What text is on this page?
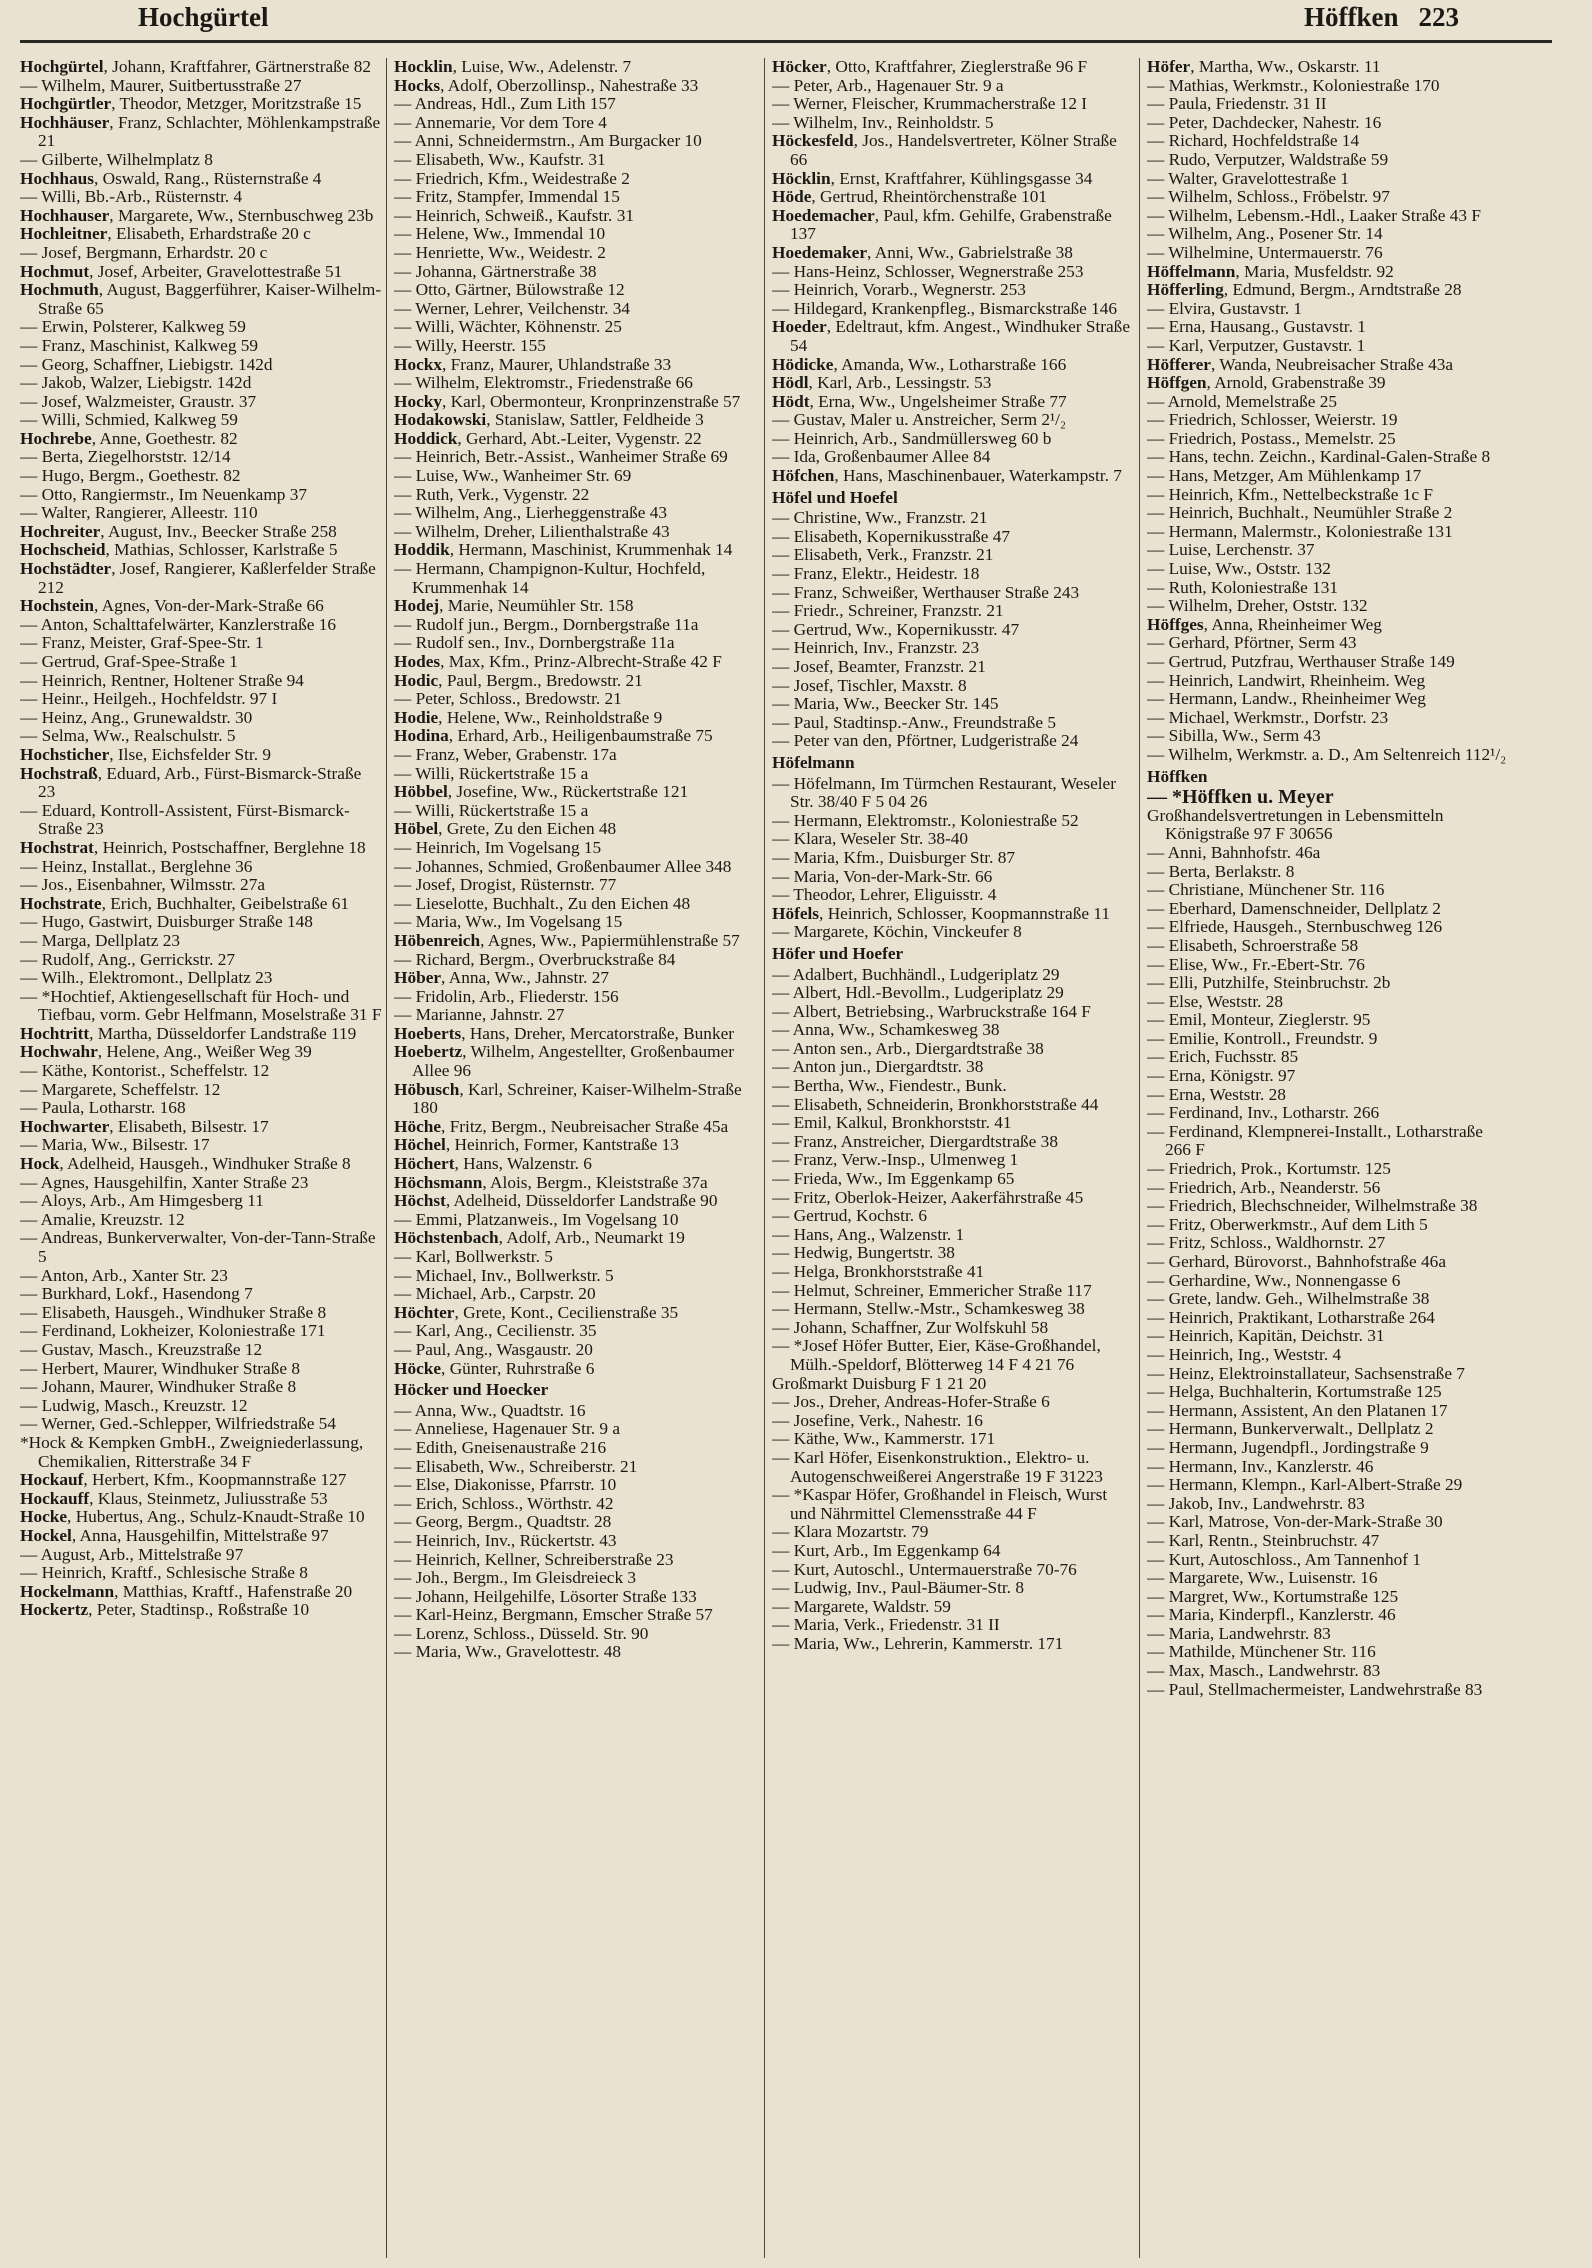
Hochgürtel	Höffken 223

Hochgürtel, Johann, Kraftfahrer, Gärtnerstraße 82

— Wilhelm, Maurer, Suitbertusstraße 27

Hochgürtler, Theodor, Metzger, Moritzstraße 15

Hochhäuser, Franz, Schlachter, Möhlenkampstraße 21

— Gilberte, Wilhelmplatz 8

Hochhaus, Oswald, Rang., Rüsternstraße 4

— Willi, Bb.-Arb., Rüsternstr. 4

Hochhauser, Margarete, Ww., Sternbuschweg 23b

Hochleitner, Elisabeth, Erhardstraße 20 c

— Josef, Bergmann, Erhardstr. 20 c

Hochmut, Josef, Arbeiter, Gravelottestraße 51

Hochmuth, August, Baggerführer, Kaiser-Wilhelm-Straße 65

— Erwin, Polsterer, Kalkweg 59

— Franz, Maschinist, Kalkweg 59

— Georg, Schaffner, Liebigstr. 142d

— Jakob, Walzer, Liebigstr. 142d

— Josef, Walzmeister, Graustr. 37

— Willi, Schmied, Kalkweg 59

Hochrebe, Anne, Goethestr. 82

— Berta, Ziegelhorststr. 12/14

— Hugo, Bergm., Goethestr. 82

— Otto, Rangiermstr., Im Neuenkamp 37

— Walter, Rangierer, Alleestr. 110

Hochreiter, August, Inv., Beecker Straße 258

Hochscheid, Mathias, Schlosser, Karlstraße 5

Hochstädter, Josef, Rangierer, Kaßlerfelder Straße 212

Hochstein, Agnes, Von-der-Mark-Straße 66

— Anton, Schalttafelwärter, Kanzlerstraße 16

— Franz, Meister, Graf-Spee-Str. 1

— Gertrud, Graf-Spee-Straße 1

— Heinrich, Rentner, Holtener Straße 94

— Heinr., Heilgeh., Hochfeldstr. 97 I

— Heinz, Ang., Grunewaldstr. 30

— Selma, Ww., Realschulstr. 5

Hochsticher, Ilse, Eichsfelder Str. 9

Hochstraß, Eduard, Arb., Fürst-Bismarck-Straße 23

— Eduard, Kontroll-Assistent, Fürst-Bismarck-Straße 23

Hochstrat, Heinrich, Postschaffner, Berglehne 18

— Heinz, Installat., Berglehne 36

— Jos., Eisenbahner, Wilmsstr. 27a

Hochstrate, Erich, Buchhalter, Geibelstraße 61

— Hugo, Gastwirt, Duisburger Straße 148

— Marga, Dellplatz 23

— Rudolf, Ang., Gerrickstr. 27

— Wilh., Elektromont., Dellplatz 23

— *Hochtief, Aktiengesellschaft für Hoch- und Tiefbau, vorm. Gebr Helfmann, Moselstraße 31 F

Hochtritt, Martha, Düsseldorfer Landstraße 119

Hochwahr, Helene, Ang., Weißer Weg 39

— Käthe, Kontorist., Scheffelstr. 12

— Margarete, Scheffelstr. 12

— Paula, Lotharstr. 168

Hochwarter, Elisabeth, Bilsestr. 17

— Maria, Ww., Bilsestr. 17

Hock, Adelheid, Hausgeh., Windhuker Straße 8

— Agnes, Hausgehilfin, Xanter Straße 23

— Aloys, Arb., Am Himgesberg 11

— Amalie, Kreuzstr. 12

— Andreas, Bunkerverwalter, Von-der-Tann-Straße 5

— Anton, Arb., Xanter Str. 23

— Burkhard, Lokf., Hasendong 7

— Elisabeth, Hausgeh., Windhuker Straße 8

— Ferdinand, Lokheizer, Koloniestraße 171

— Gustav, Masch., Kreuzstraße 12

— Herbert, Maurer, Windhuker Straße 8

— Johann, Maurer, Windhuker Straße 8

— Ludwig, Masch., Kreuzstr. 12

— Werner, Ged.-Schlepper, Wilfriedstraße 54

*Hock & Kempken GmbH., Zweigniederlassung, Chemikalien, Ritterstraße 34 F

Hockauf, Herbert, Kfm., Koopmannstraße 127

Hockauff, Klaus, Steinmetz, Juliusstraße 53

Hocke, Hubertus, Ang., Schulz-Knaudt-Straße 10

Hockel, Anna, Hausgehilfin, Mittelstraße 97

— August, Arb., Mittelstraße 97

— Heinrich, Kraftf., Schlesische Straße 8

Hockelmann, Matthias, Kraftf., Hafenstraße 20

Hockertz, Peter, Stadtinsp., Roßstraße 10

Hocklin, Luise, Ww., Adelenstr. 7

Hocks, Adolf, Oberzollinsp., Nahestraße 33

— Andreas, Hdl., Zum Lith 157

— Annemarie, Vor dem Tore 4

— Anni, Schneidermstrn., Am Burgacker 10

— Elisabeth, Ww., Kaufstr. 31

— Friedrich, Kfm., Weidestraße 2

— Fritz, Stampfer, Immendal 15

— Heinrich, Schweiß., Kaufstr. 31

— Helene, Ww., Immendal 10

— Henriette, Ww., Weidestr. 2

— Johanna, Gärtnerstraße 38

— Otto, Gärtner, Bülowstraße 12

— Werner, Lehrer, Veilchenstr. 34

— Willi, Wächter, Köhnenstr. 25

— Willy, Heerstr. 155

Hockx, Franz, Maurer, Uhlandstraße 33

— Wilhelm, Elektromstr., Friedenstraße 66

Hocky, Karl, Obermonteur, Kronprinzenstraße 57

Hodakowski, Stanislaw, Sattler, Feldheide 3

Hoddick, Gerhard, Abt.-Leiter, Vygenstr. 22

— Heinrich, Betr.-Assist., Wanheimer Straße 69

— Luise, Ww., Wanheimer Str. 69

— Ruth, Verk., Vygenstr. 22

— Wilhelm, Ang., Lierheggenstraße 43

— Wilhelm, Dreher, Lilienthalstraße 43

Hoddik, Hermann, Maschinist, Krummenhak 14

— Hermann, Champignon-Kultur, Hochfeld, Krummenhak 14

Hodej, Marie, Neumühler Str. 158

— Rudolf jun., Bergm., Dornbergstraße 11a

— Rudolf sen., Inv., Dornbergstraße 11a

Hodes, Max, Kfm., Prinz-Albrecht-Straße 42 F

Hodic, Paul, Bergm., Bredowstr. 21

— Peter, Schloss., Bredowstr. 21

Hodie, Helene, Ww., Reinholdstraße 9

Hodina, Erhard, Arb., Heiligenbaumstraße 75

— Franz, Weber, Grabenstr. 17a

— Willi, Rückertstraße 15 a

Höbbel, Josefine, Ww., Rückertstraße 121

— Willi, Rückertstraße 15 a

Höbel, Grete, Zu den Eichen 48

— Heinrich, Im Vogelsang 15

— Johannes, Schmied, Großenbaumer Allee 348

— Josef, Drogist, Rüsternstr. 77

— Lieselotte, Buchhalt., Zu den Eichen 48

— Maria, Ww., Im Vogelsang 15

Höbenreich, Agnes, Ww., Papiermühlenstraße 57

— Richard, Bergm., Overbruckstraße 84

Höber, Anna, Ww., Jahnstr. 27

— Fridolin, Arb., Fliederstr. 156

— Marianne, Jahnstr. 27

Hoeberts, Hans, Dreher, Mercatorstraße, Bunker

Hoebertz, Wilhelm, Angestellter, Großenbaumer Allee 96

Höbusch, Karl, Schreiner, Kaiser-Wilhelm-Straße 180

Höche, Fritz, Bergm., Neubreisacher Straße 45a

Höchel, Heinrich, Former, Kantstraße 13

Höchert, Hans, Walzenstr. 6

Höchsmann, Alois, Bergm., Kleiststraße 37a

Höchst, Adelheid, Düsseldorfer Landstraße 90

— Emmi, Platzanweis., Im Vogelsang 10

Höchstenbach, Adolf, Arb., Neumarkt 19

— Karl, Bollwerkstr. 5

— Michael, Inv., Bollwerkstr. 5

— Michael, Arb., Carpstr. 20

Höchter, Grete, Kont., Cecilienstraße 35

— Karl, Ang., Cecilienstr. 35

— Paul, Ang., Wasgaustr. 20

Höcke, Günter, Ruhrstraße 6

Höcker und Hoecker

— Anna, Ww., Quadtstr. 16

— Anneliese, Hagenauer Str. 9 a

— Edith, Gneisenaustraße 216

— Elisabeth, Ww., Schreiberstr. 21

— Else, Diakonisse, Pfarrstr. 10

— Erich, Schloss., Wörthstr. 42

— Georg, Bergm., Quadtstr. 28

— Heinrich, Inv., Rückertstr. 43

— Heinrich, Kellner, Schreiberstraße 23

— Joh., Bergm., Im Gleisdreieck 3

— Johann, Heilgehilfe, Lösorter Straße 133

— Karl-Heinz, Bergmann, Emscher Straße 57

— Lorenz, Schloss., Düsseld. Str. 90

— Maria, Ww., Gravelottestr. 48

Höcker, Otto, Kraftfahrer, Zieglerstraße 96 F

— Peter, Arb., Hagenauer Str. 9 a

— Werner, Fleischer, Krummacherstraße 12 I

— Wilhelm, Inv., Reinholdstr. 5

Höckesfeld, Jos., Handelsvertreter, Kölner Straße 66

Höcklin, Ernst, Kraftfahrer, Kühlingsgasse 34

Höde, Gertrud, Rheintörchenstraße 101

Hoedemacher, Paul, kfm. Gehilfe, Grabenstraße 137

Hoedemaker, Anni, Ww., Gabrielstraße 38

— Hans-Heinz, Schlosser, Wegnerstraße 253

— Heinrich, Vorarb., Wegnerstr. 253

— Hildegard, Krankenpfleg., Bismarckstraße 146

Hoeder, Edeltraut, kfm. Angest., Windhuker Straße 54

Hödicke, Amanda, Ww., Lotharstraße 166

Hödl, Karl, Arb., Lessingstr. 53

Hödt, Erna, Ww., Ungelsheimer Straße 77

— Gustav, Maler u. Anstreicher, Serm 2¹/₂

— Heinrich, Arb., Sandmüllersweg 60 b

— Ida, Großenbaumer Allee 84

Höfchen, Hans, Maschinenbauer, Waterkampstr. 7

Höfel und Hoefel

— Christine, Ww., Franzstr. 21

— Elisabeth, Kopernikusstraße 47

— Elisabeth, Verk., Franzstr. 21

— Franz, Elektr., Heidestr. 18

— Franz, Schweißer, Werthauser Straße 243

— Friedr., Schreiner, Franzstr. 21

— Gertrud, Ww., Kopernikusstr. 47

— Heinrich, Inv., Franzstr. 23

— Josef, Beamter, Franzstr. 21

— Josef, Tischler, Maxstr. 8

— Maria, Ww., Beecker Str. 145

— Paul, Stadtinsp.-Anw., Freundstraße 5

— Peter van den, Pförtner, Ludgeristraße 24

Höfelmann

— Höfelmann, Im Türmchen Restaurant, Weseler Str. 38/40 F 5 04 26

— Hermann, Elektromstr., Koloniestraße 52

— Klara, Weseler Str. 38-40

— Maria, Kfm., Duisburger Str. 87

— Maria, Von-der-Mark-Str. 66

— Theodor, Lehrer, Eliguisstr. 4

Höfels, Heinrich, Schlosser, Koopmannstraße 11

— Margarete, Köchin, Vinckeufer 8

Höfer und Hoefer

— Adalbert, Buchhändl., Ludgeriplatz 29

— Albert, Hdl.-Bevollm., Ludgeriplatz 29

— Albert, Betriebsing., Warbruckstraße 164 F

— Anna, Ww., Schamkesweg 38

— Anton sen., Arb., Diergardtstraße 38

— Anton jun., Diergardtstr. 38

— Bertha, Ww., Fiendestr., Bunk.

— Elisabeth, Schneiderin, Bronkhorststraße 44

— Emil, Kalkul, Bronkhorststr. 41

— Franz, Anstreicher, Diergardtstraße 38

— Franz, Verw.-Insp., Ulmenweg 1

— Frieda, Ww., Im Eggenkamp 65

— Fritz, Oberlok-Heizer, Aakerfährstraße 45

— Gertrud, Kochstr. 6

— Hans, Ang., Walzenstr. 1

— Hedwig, Bungertstr. 38

— Helga, Bronkhorststraße 41

— Helmut, Schreiner, Emmericher Straße 117

— Hermann, Stellw.-Mstr., Schamkesweg 38

— Johann, Schaffner, Zur Wolfskuhl 58

— *Josef Höfer Butter, Eier, Käse-Großhandel, Mülh.-Speldorf, Blötterweg 14 F 4 21 76

Großmarkt Duisburg F 1 21 20

— Jos., Dreher, Andreas-Hofer-Straße 6

— Josefine, Verk., Nahestr. 16

— Käthe, Ww., Kammerstr. 171

— Karl Höfer, Eisenkonstruktion., Elektro- u. Autogenschweißerei Angerstraße 19 F 31223

— *Kaspar Höfer, Großhandel in Fleisch, Wurst und Nährmittel Clemensstraße 44 F

— Klara Mozartstr. 79

— Kurt, Arb., Im Eggenkamp 64

— Kurt, Autoschl., Untermauerstraße 70-76

— Ludwig, Inv., Paul-Bäumer-Str. 8

— Margarete, Waldstr. 59

— Maria, Verk., Friedenstr. 31 II

— Maria, Ww., Lehrerin, Kammerstr. 171

Höfer, Martha, Ww., Oskarstr. 11

— Mathias, Werkmstr., Koloniestraße 170

— Paula, Friedenstr. 31 II

— Peter, Dachdecker, Nahestr. 16

— Richard, Hochfeldstraße 14

— Rudo, Verputzer, Waldstraße 59

— Walter, Gravelottestraße 1

— Wilhelm, Schloss., Fröbelstr. 97

— Wilhelm, Lebensm.-Hdl., Laaker Straße 43 F

— Wilhelm, Ang., Posener Str. 14

— Wilhelmine, Untermauerstr. 76

Höffelmann, Maria, Musfeldstr. 92

Höfferling, Edmund, Bergm., Arndtstraße 28

— Elvira, Gustavstr. 1

— Erna, Hausang., Gustavstr. 1

— Karl, Verputzer, Gustavstr. 1

Höfferer, Wanda, Neubreisacher Straße 43a

Höffgen, Arnold, Grabenstraße 39

— Arnold, Memelstraße 25

— Friedrich, Schlosser, Weierstr. 19

— Friedrich, Postass., Memelstr. 25

— Hans, techn. Zeichn., Kardinal-Galen-Straße 8

— Hans, Metzger, Am Mühlenkamp 17

— Heinrich, Kfm., Nettelbeckstraße 1c F

— Heinrich, Buchhalt., Neumühler Straße 2

— Hermann, Malermstr., Koloniestraße 131

— Luise, Lerchenstr. 37

— Luise, Ww., Oststr. 132

— Ruth, Koloniestraße 131

— Wilhelm, Dreher, Oststr. 132

Höffges, Anna, Rheinheimer Weg

— Gerhard, Pförtner, Serm 43

— Gertrud, Putzfrau, Werthauser Straße 149

— Heinrich, Landwirt, Rheinheim. Weg

— Hermann, Landw., Rheinheimer Weg

— Michael, Werkmstr., Dorfstr. 23

— Sibilla, Ww., Serm 43

— Wilhelm, Werkmstr. a. D., Am Seltenreich 112¹/₂

Höffken

— *Höffken u. Meyer

Großhandelsvertretungen in Lebensmitteln Königstraße 97 F 30656

— Anni, Bahnhofstr. 46a

— Berta, Berlakstr. 8

— Christiane, Münchener Str. 116

— Eberhard, Damenschneider, Dellplatz 2

— Elfriede, Hausgeh., Sternbuschweg 126

— Elisabeth, Schroerstraße 58

— Elise, Ww., Fr.-Ebert-Str. 76

— Elli, Putzhilfe, Steinbruchstr. 2b

— Else, Weststr. 28

— Emil, Monteur, Zieglerstr. 95

— Emilie, Kontroll., Freundstr. 9

— Erich, Fuchsstr. 85

— Erna, Königstr. 97

— Erna, Weststr. 28

— Ferdinand, Inv., Lotharstr. 266

— Ferdinand, Klempnerei-Installt., Lotharstraße 266 F

— Friedrich, Prok., Kortumstr. 125

— Friedrich, Arb., Neanderstr. 56

— Friedrich, Blechschneider, Wilhelmstraße 38

— Fritz, Oberwerkmstr., Auf dem Lith 5

— Fritz, Schloss., Waldhornstr. 27

— Gerhard, Bürovorst., Bahnhofstraße 46a

— Gerhardine, Ww., Nonnengasse 6

— Grete, landw. Geh., Wilhelmstraße 38

— Heinrich, Praktikant, Lotharstraße 264

— Heinrich, Kapitän, Deichstr. 31

— Heinrich, Ing., Weststr. 4

— Heinz, Elektroinstallateur, Sachsenstraße 7

— Helga, Buchhalterin, Kortumstraße 125

— Hermann, Assistent, An den Platanen 17

— Hermann, Bunkerverwalt., Dellplatz 2

— Hermann, Jugendpfl., Jordingstraße 9

— Hermann, Inv., Kanzlerstr. 46

— Hermann, Klempn., Karl-Albert-Straße 29

— Jakob, Inv., Landwehrstr. 83

— Karl, Matrose, Von-der-Mark-Straße 30

— Karl, Rentn., Steinbruchstr. 47

— Kurt, Autoschloss., Am Tannenhof 1

— Margarete, Ww., Luisenstr. 16

— Margret, Ww., Kortumstraße 125

— Maria, Kinderpfl., Kanzlerstr. 46

— Maria, Landwehrstr. 83

— Mathilde, Münchener Str. 116

— Max, Masch., Landwehrstr. 83

— Paul, Stellmachermeister, Landwehrstraße 83
